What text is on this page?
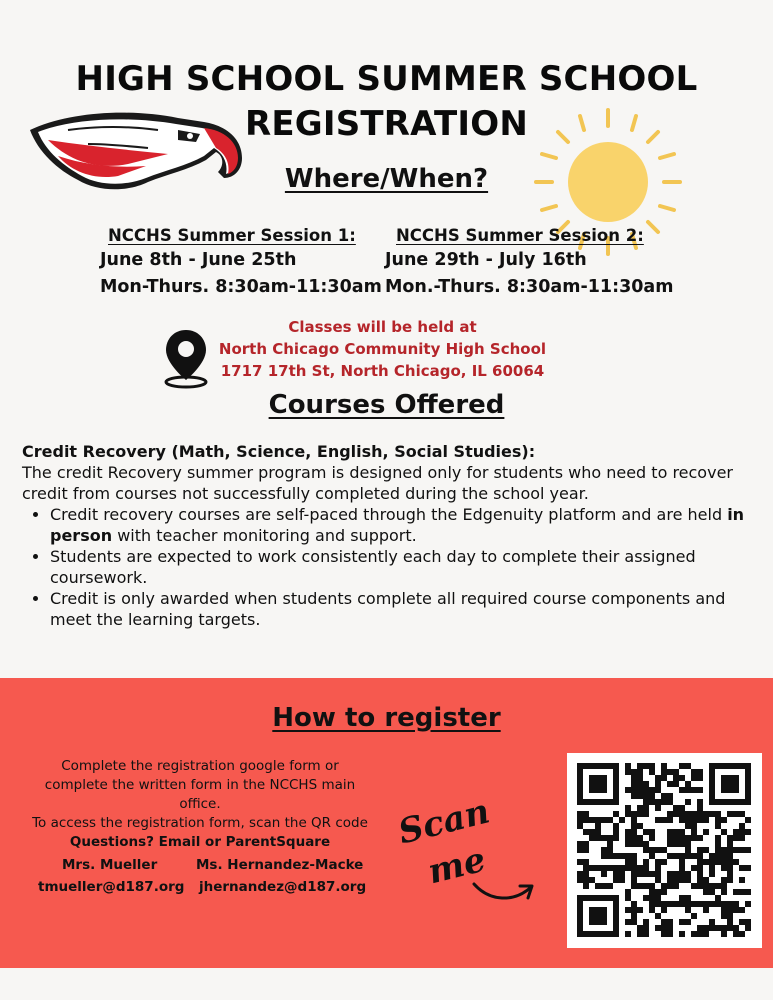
HIGH SCHOOL SUMMER SCHOOL
REGISTRATION
Where/When?
NCCHS Summer Session 1:
June 8th - June 25th
Mon-Thurs. 8:30am-11:30am
NCCHS Summer Session 2:
June 29th - July 16th
Mon.-Thurs. 8:30am-11:30am
Classes will be held at
North Chicago Community High School
1717 17th St, North Chicago, IL 60064
Courses Offered
Credit Recovery (Math, Science, English, Social Studies):
The credit Recovery summer program is designed only for students who need to recover credit from courses not successfully completed during the school year.
• Credit recovery courses are self-paced through the Edgenuity platform and are held in person with teacher monitoring and support.
• Students are expected to work consistently each day to complete their assigned coursework.
• Credit is only awarded when students complete all required course components and meet the learning targets.
How to register
Complete the registration google form or
complete the written form in the NCCHS main
office.
To access the registration form, scan the QR code
Questions? Email or ParentSquare
Mrs. Mueller
tmueller@d187.org
Ms. Hernandez-Macke
jhernandez@d187.org
Scan
me
